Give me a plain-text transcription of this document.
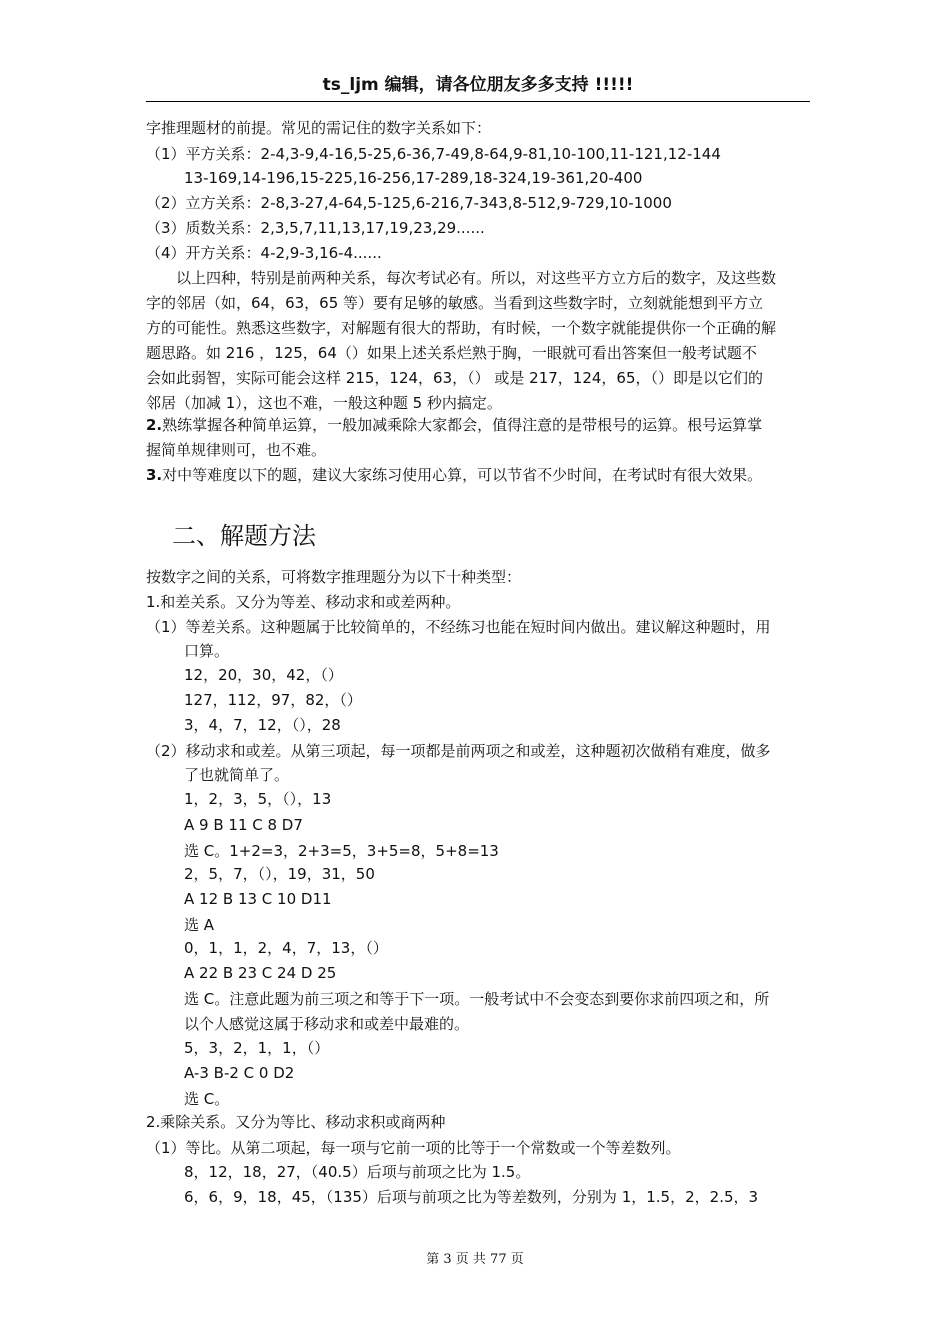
ts_ljm 编辑，请各位朋友多多支持 !!!!!
字推理题材的前提。常见的需记住的数字关系如下：
（1）平方关系：2-4,3-9,4-16,5-25,6-36,7-49,8-64,9-81,10-100,11-121,12-144
13-169,14-196,15-225,16-256,17-289,18-324,19-361,20-400
（2）立方关系：2-8,3-27,4-64,5-125,6-216,7-343,8-512,9-729,10-1000
（3）质数关系：2,3,5,7,11,13,17,19,23,29......
（4）开方关系：4-2,9-3,16-4......
以上四种，特别是前两种关系，每次考试必有。所以，对这些平方立方后的数字，及这些数
字的邻居（如，64，63，65 等）要有足够的敏感。当看到这些数字时，立刻就能想到平方立
方的可能性。熟悉这些数字，对解题有很大的帮助，有时候，一个数字就能提供你一个正确的解
题思路。如 216 ，125，64（）如果上述关系烂熟于胸，一眼就可看出答案但一般考试题不
会如此弱智，实际可能会这样 215，124，63，（） 或是 217，124，65，（）即是以它们的
邻居（加减 1），这也不难，一般这种题 5 秒内搞定。
2.熟练掌握各种简单运算，一般加减乘除大家都会，值得注意的是带根号的运算。根号运算掌
握简单规律则可，也不难。
3.对中等难度以下的题，建议大家练习使用心算，可以节省不少时间，在考试时有很大效果。
二、解题方法
按数字之间的关系，可将数字推理题分为以下十种类型：
1.和差关系。又分为等差、移动求和或差两种。
（1）等差关系。这种题属于比较简单的，不经练习也能在短时间内做出。建议解这种题时，用
口算。
12，20，30，42，（）
127，112，97，82，（）
3，4，7，12，（），28
（2）移动求和或差。从第三项起，每一项都是前两项之和或差，这种题初次做稍有难度，做多
了也就简单了。
1，2，3，5，（），13
A 9 B 11 C 8 D7
选 C。1+2=3，2+3=5，3+5=8，5+8=13
2，5，7，（），19，31，50
A 12 B 13 C 10 D11
选 A
0，1，1，2，4，7，13，（）
A 22 B 23 C 24 D 25
选 C。注意此题为前三项之和等于下一项。一般考试中不会变态到要你求前四项之和，所
以个人感觉这属于移动求和或差中最难的。
5，3，2，1，1，（）
A-3 B-2 C 0 D2
选 C。
2.乘除关系。又分为等比、移动求积或商两种
（1）等比。从第二项起，每一项与它前一项的比等于一个常数或一个等差数列。
8，12，18，27，（40.5）后项与前项之比为 1.5。
6，6，9，18，45，（135）后项与前项之比为等差数列，分别为 1，1.5，2，2.5，3
第 3 页 共 77 页
